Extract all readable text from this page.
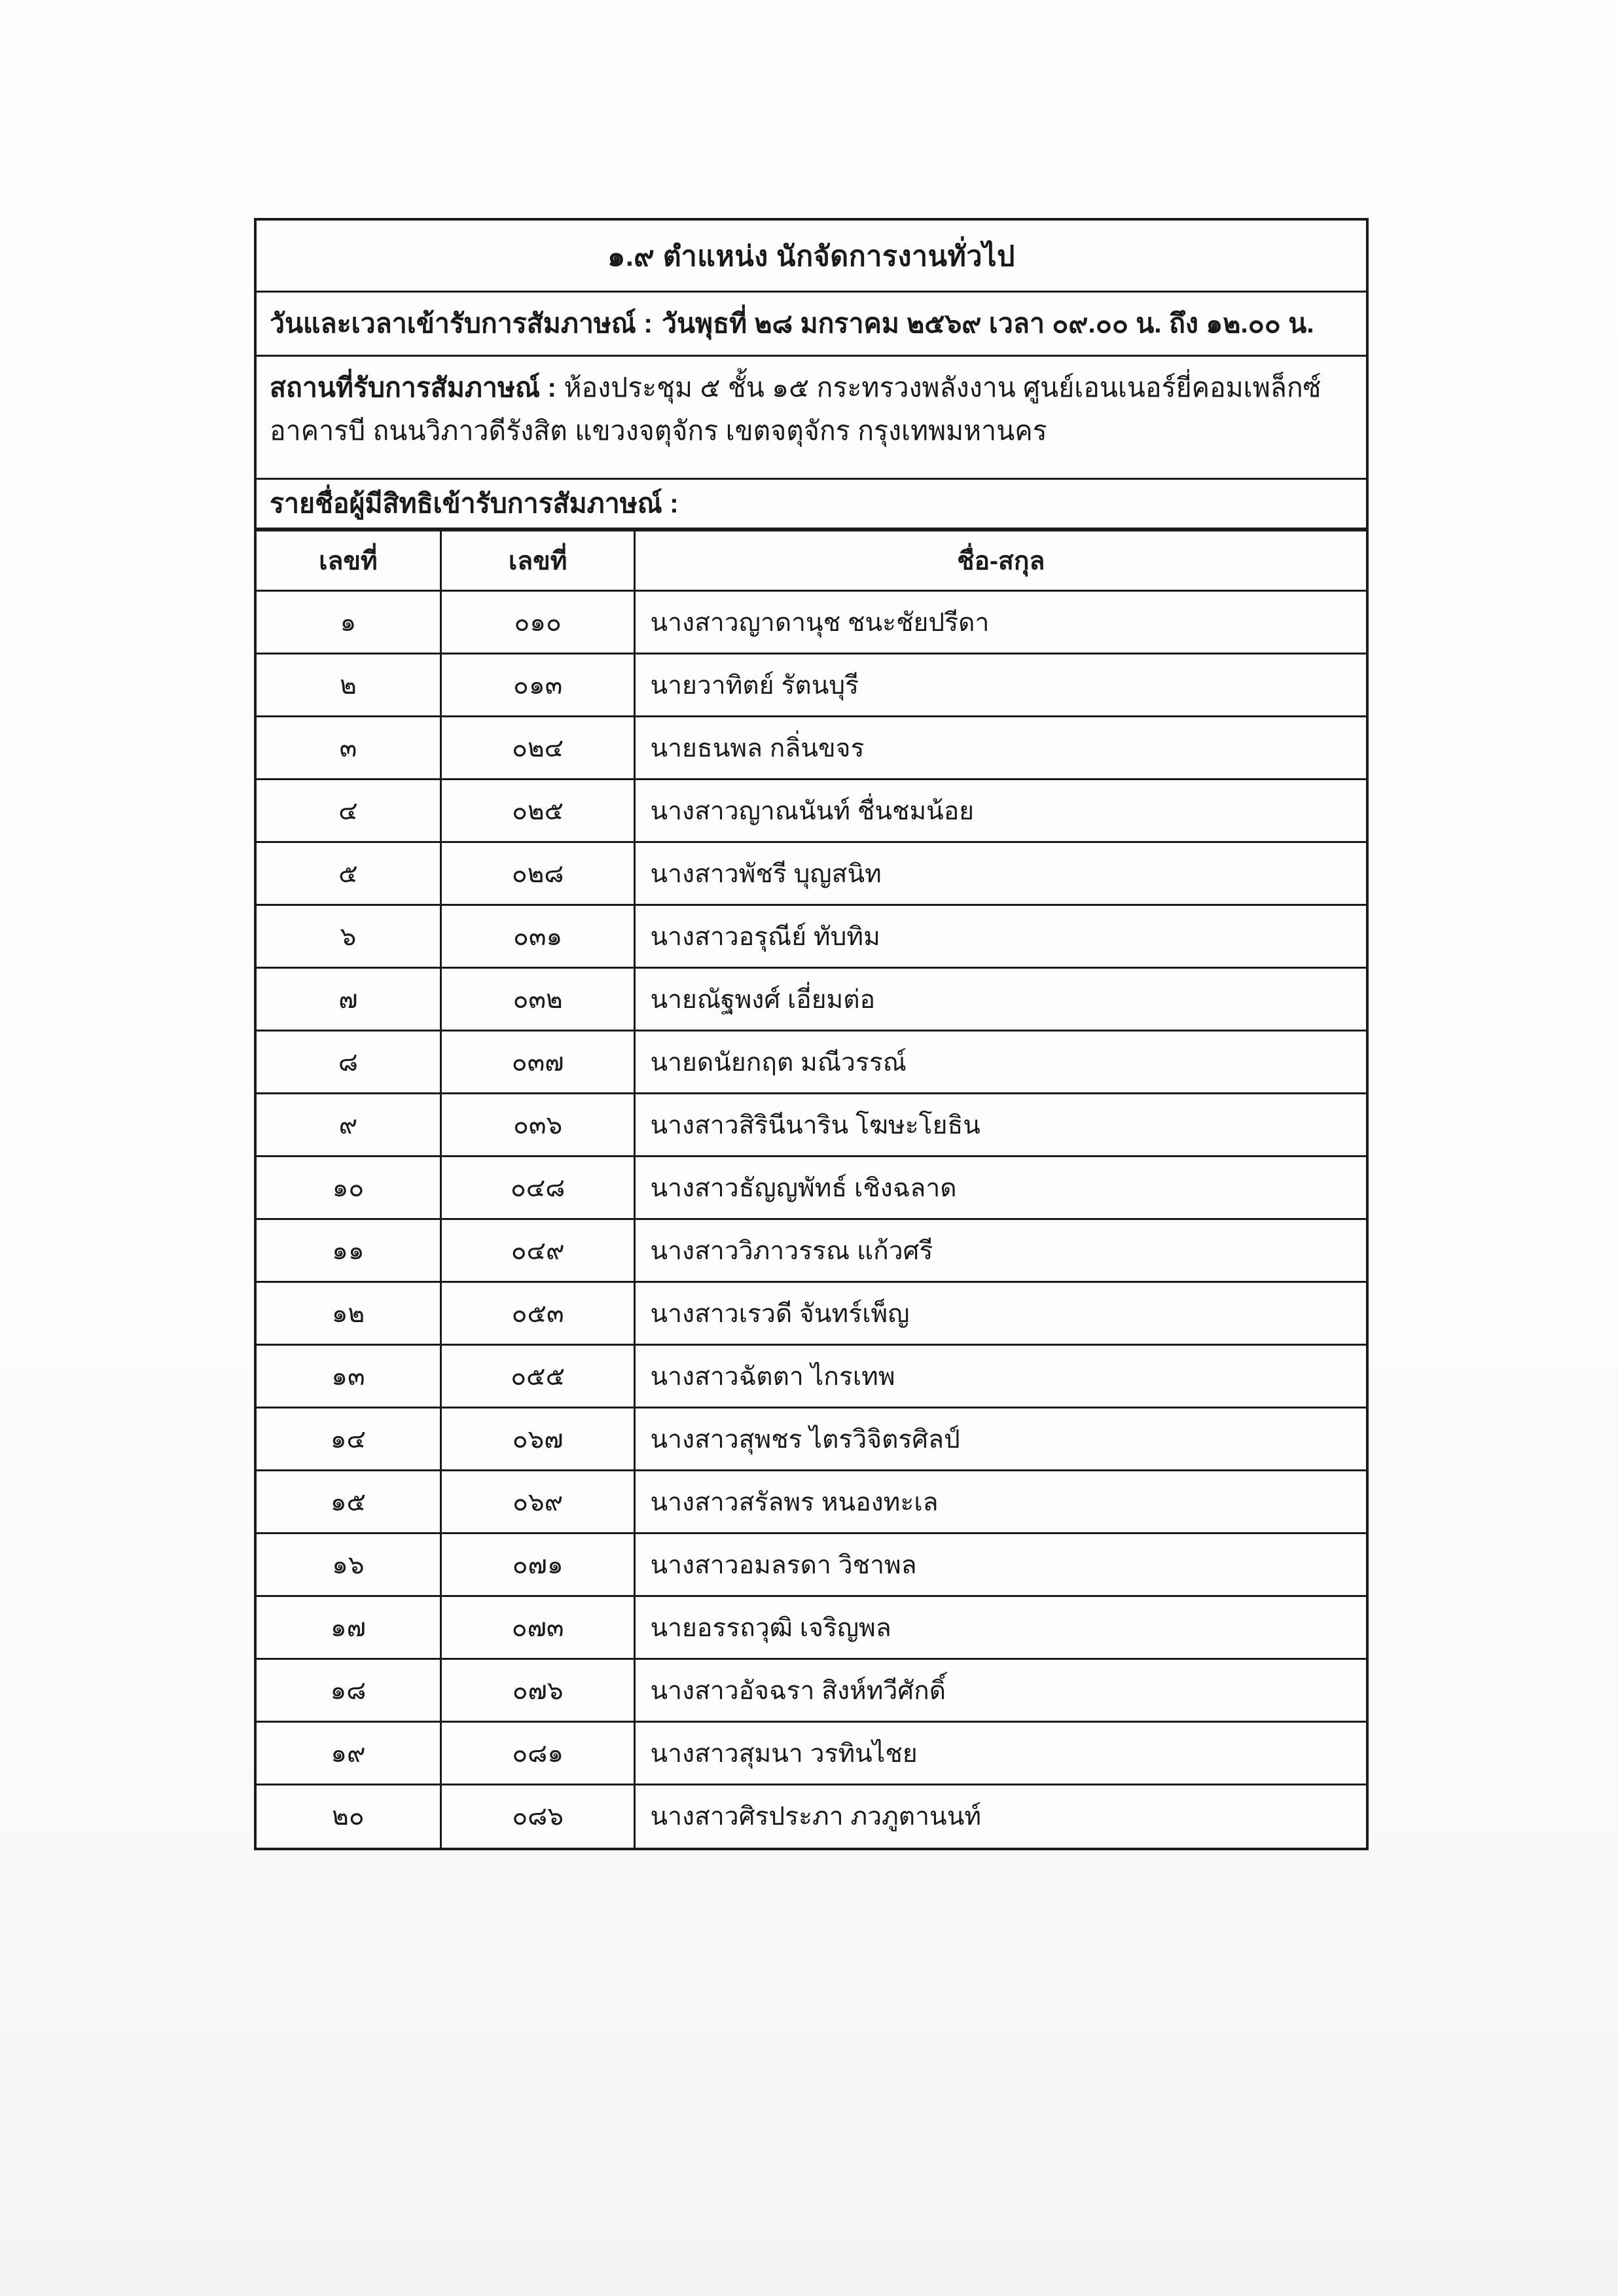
๑.๙ ตำแหน่ง นักจัดการงานทั่วไป
วันและเวลาเข้ารับการสัมภาษณ์ : วันพุธที่ ๒๘ มกราคม ๒๕๖๙ เวลา ๐๙.๐๐ น. ถึง ๑๒.๐๐ น.
สถานที่รับการสัมภาษณ์ : ห้องประชุม ๕ ชั้น ๑๕ กระทรวงพลังงาน ศูนย์เอนเนอร์ยี่คอมเพล็กซ์ อาคารบี ถนนวิภาวดีรังสิต แขวงจตุจักร เขตจตุจักร กรุงเทพมหานคร
รายชื่อผู้มีสิทธิเข้ารับการสัมภาษณ์ :
เลขที่	เลขที่	ชื่อ-สกุล
๑	๐๑๐	นางสาวญาดานุช ชนะชัยปรีดา
๒	๐๑๓	นายวาทิตย์ รัตนบุรี
๓	๐๒๔	นายธนพล กลิ่นขจร
๔	๐๒๕	นางสาวญาณนันท์ ชื่นชมน้อย
๕	๐๒๘	นางสาวพัชรี บุญสนิท
๖	๐๓๑	นางสาวอรุณีย์ ทับทิม
๗	๐๓๒	นายณัฐพงศ์ เอี่ยมต่อ
๘	๐๓๗	นายดนัยกฤต มณีวรรณ์
๙	๐๓๖	นางสาวสิรินีนาริน โฆษะโยธิน
๑๐	๐๔๘	นางสาวธัญญพัทธ์ เชิงฉลาด
๑๑	๐๔๙	นางสาววิภาวรรณ แก้วศรี
๑๒	๐๕๓	นางสาวเรวดี จันทร์เพ็ญ
๑๓	๐๕๕	นางสาวฉัตตา ไกรเทพ
๑๔	๐๖๗	นางสาวสุพชร ไตรวิจิตรศิลป์
๑๕	๐๖๙	นางสาวสรัลพร หนองทะเล
๑๖	๐๗๑	นางสาวอมลรดา วิชาพล
๑๗	๐๗๓	นายอรรถวุฒิ เจริญพล
๑๘	๐๗๖	นางสาวอัจฉรา สิงห์ทวีศักดิ์
๑๙	๐๘๑	นางสาวสุมนา วรทินไชย
๒๐	๐๘๖	นางสาวศิรประภา ภวภูตานนท์
